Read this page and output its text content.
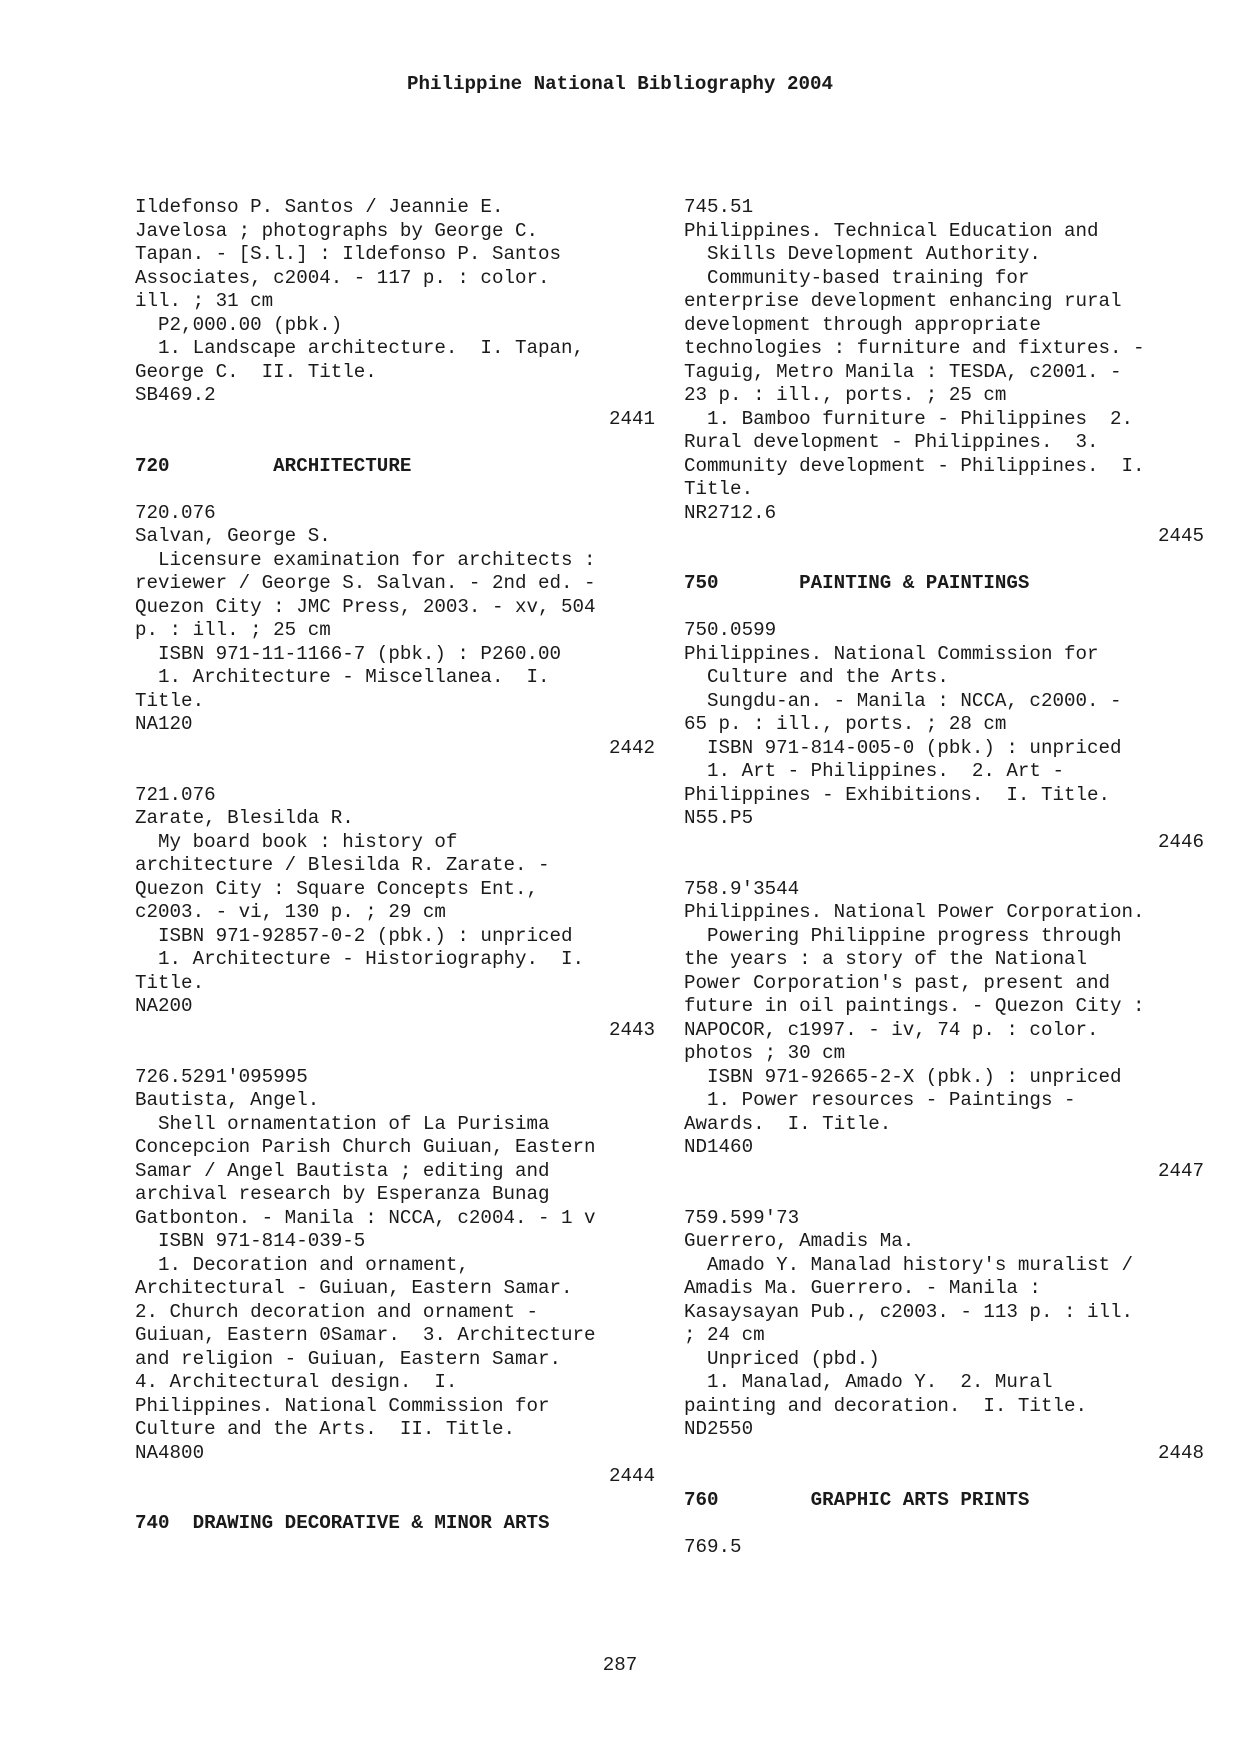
Philippine National Bibliography 2004
Ildefonso P. Santos / Jeannie E.
Javelosa ; photographs by George C.
Tapan. - [S.l.] : Ildefonso P. Santos
Associates, c2004. - 117 p. : color.
ill. ; 31 cm
P2,000.00 (pbk.)
1. Landscape architecture.  I. Tapan,
George C.  II. Title.
SB469.2
2441
720         ARCHITECTURE
720.076
Salvan, George S.
Licensure examination for architects :
reviewer / George S. Salvan. - 2nd ed. -
Quezon City : JMC Press, 2003. - xv, 504
p. : ill. ; 25 cm
ISBN 971-11-1166-7 (pbk.) : P260.00
1. Architecture - Miscellanea.  I.
Title.
NA120
2442
721.076
Zarate, Blesilda R.
My board book : history of
architecture / Blesilda R. Zarate. -
Quezon City : Square Concepts Ent.,
c2003. - vi, 130 p. ; 29 cm
ISBN 971-92857-0-2 (pbk.) : unpriced
1. Architecture - Historiography.  I.
Title.
NA200
2443
726.5291'095995
Bautista, Angel.
Shell ornamentation of La Purisima
Concepcion Parish Church Guiuan, Eastern
Samar / Angel Bautista ; editing and
archival research by Esperanza Bunag
Gatbonton. - Manila : NCCA, c2004. - 1 v
ISBN 971-814-039-5
1. Decoration and ornament,
Architectural - Guiuan, Eastern Samar.
2. Church decoration and ornament -
Guiuan, Eastern 0Samar.  3. Architecture
and religion - Guiuan, Eastern Samar.
4. Architectural design.  I.
Philippines. National Commission for
Culture and the Arts.  II. Title.
NA4800
2444
740  DRAWING DECORATIVE & MINOR ARTS
745.51
Philippines. Technical Education and
Skills Development Authority.
Community-based training for
enterprise development enhancing rural
development through appropriate
technologies : furniture and fixtures. -
Taguig, Metro Manila : TESDA, c2001. -
23 p. : ill., ports. ; 25 cm
1. Bamboo furniture - Philippines  2.
Rural development - Philippines.  3.
Community development - Philippines.  I.
Title.
NR2712.6
2445
750       PAINTING & PAINTINGS
750.0599
Philippines. National Commission for
Culture and the Arts.
Sungdu-an. - Manila : NCCA, c2000. -
65 p. : ill., ports. ; 28 cm
ISBN 971-814-005-0 (pbk.) : unpriced
1. Art - Philippines.  2. Art -
Philippines - Exhibitions.  I. Title.
N55.P5
2446
758.9'3544
Philippines. National Power Corporation.
Powering Philippine progress through
the years : a story of the National
Power Corporation's past, present and
future in oil paintings. - Quezon City :
NAPOCOR, c1997. - iv, 74 p. : color.
photos ; 30 cm
ISBN 971-92665-2-X (pbk.) : unpriced
1. Power resources - Paintings -
Awards.  I. Title.
ND1460
2447
759.599'73
Guerrero, Amadis Ma.
Amado Y. Manalad history's muralist /
Amadis Ma. Guerrero. - Manila :
Kasaysayan Pub., c2003. - 113 p. : ill.
; 24 cm
Unpriced (pbd.)
1. Manalad, Amado Y.  2. Mural
painting and decoration.  I. Title.
ND2550
2448
760        GRAPHIC ARTS PRINTS
769.5
287
